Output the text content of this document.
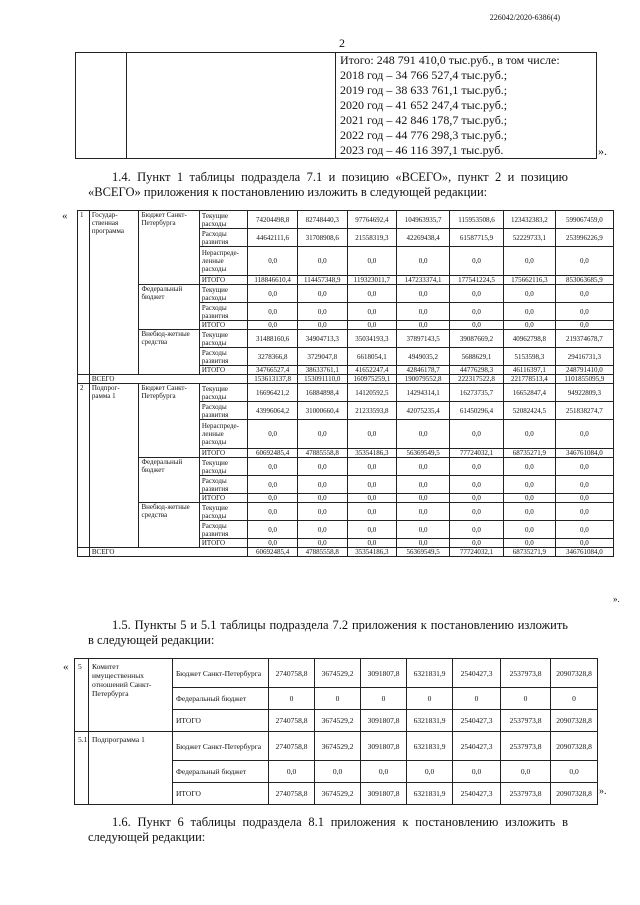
226042/2020-6386(4)
2
Итого: 248 791 410,0 тыс.руб., в том числе:
2018 год – 34 766 527,4 тыс.руб.;
2019 год – 38 633 761,1 тыс.руб.;
2020 год – 41 652 247,4 тыс.руб.;
2021 год – 42 846 178,7 тыс.руб.;
2022 год – 44 776 298,3 тыс.руб.;
2023 год – 46 116 397,1 тыс.руб.	».
1.4. Пункт 1 таблицы подраздела 7.1 и позицию «ВСЕГО», пункт 2 и позицию «ВСЕГО» приложения к постановлению изложить в следующей редакции:
« 1	Государ-ственная программа	Бюджет Санкт-Петербурга	Текущие расходы	74204498,8	82748440,3	97764692,4	104963935,7	115953508,6	123432383,2	599067459,0
			Расходы развития	44642111,6	31708908,6	21558319,3	42269438,4	61587715,9	52229733,1	253996226,9
			Нераспреде-ленные расходы	0,0	0,0	0,0	0,0	0,0	0,0	0,0
			ИТОГО	118846610,4	114457348,9	119323011,7	147233374,1	177541224,5	175662116,3	853063685,9
		Федеральный бюджет	Текущие расходы	0,0	0,0	0,0	0,0	0,0	0,0	0,0
			Расходы развития	0,0	0,0	0,0	0,0	0,0	0,0	0,0
			ИТОГО	0,0	0,0	0,0	0,0	0,0	0,0	0,0
		Внебюд-жетные средства	Текущие расходы	31488160,6	34904713,3	35034193,3	37897143,5	39087669,2	40962798,8	219374678,7
			Расходы развития	3278366,8	3729047,8	6618054,1	4949035,2	5688629,1	5153598,3	29416731,3
			ИТОГО	34766527,4	38633761,1	41652247,4	42846178,7	44776298,3	46116397,1	248791410,0
	ВСЕГО			153613137,8	153091110,0	160975259,1	190079552,8	222317522,8	221778513,4	1101855095,9
2	Подпрог-рамма 1	Бюджет Санкт-Петербурга	Текущие расходы	16696421,2	16884898,4	14120592,5	14294314,1	16273735,7	16652847,4	94922809,3
			Расходы развития	43996064,2	31000660,4	21233593,8	42075235,4	61450296,4	52082424,5	251838274,7
			Нераспреде-ленные расходы	0,0	0,0	0,0	0,0	0,0	0,0	0,0
			ИТОГО	60692485,4	47885558,8	35354186,3	56369549,5	77724032,1	68735271,9	346761084,0
		Федеральный бюджет	Текущие расходы	0,0	0,0	0,0	0,0	0,0	0,0	0,0
			Расходы развития	0,0	0,0	0,0	0,0	0,0	0,0	0,0
			ИТОГО	0,0	0,0	0,0	0,0	0,0	0,0	0,0
		Внебюд-жетные средства	Текущие расходы	0,0	0,0	0,0	0,0	0,0	0,0	0,0
			Расходы развития	0,0	0,0	0,0	0,0	0,0	0,0	0,0
			ИТОГО	0,0	0,0	0,0	0,0	0,0	0,0	0,0
	ВСЕГО			60692485,4	47885558,8	35354186,3	56369549,5	77724032,1	68735271,9	346761084,0
».
1.5. Пункты 5 и 5.1 таблицы подраздела 7.2 приложения к постановлению изложить в следующей редакции:
« 5	Комитет имущественных отношений Санкт-Петербурга	Бюджет Санкт-Петербурга	2740758,8	3674529,2	3091807,8	6321831,9	2540427,3	2537973,8	20907328,8
		Федеральный бюджет	0	0	0	0	0	0	0
		ИТОГО	2740758,8	3674529,2	3091807,8	6321831,9	2540427,3	2537973,8	20907328,8
5.1	Подпрограмма 1	Бюджет Санкт-Петербурга	2740758,8	3674529,2	3091807,8	6321831,9	2540427,3	2537973,8	20907328,8
		Федеральный бюджет	0,0	0,0	0,0	0,0	0,0	0,0	0,0
		ИТОГО	2740758,8	3674529,2	3091807,8	6321831,9	2540427,3	2537973,8	20907328,8 ».
1.6. Пункт 6 таблицы подраздела 8.1 приложения к постановлению изложить в следующей редакции:
